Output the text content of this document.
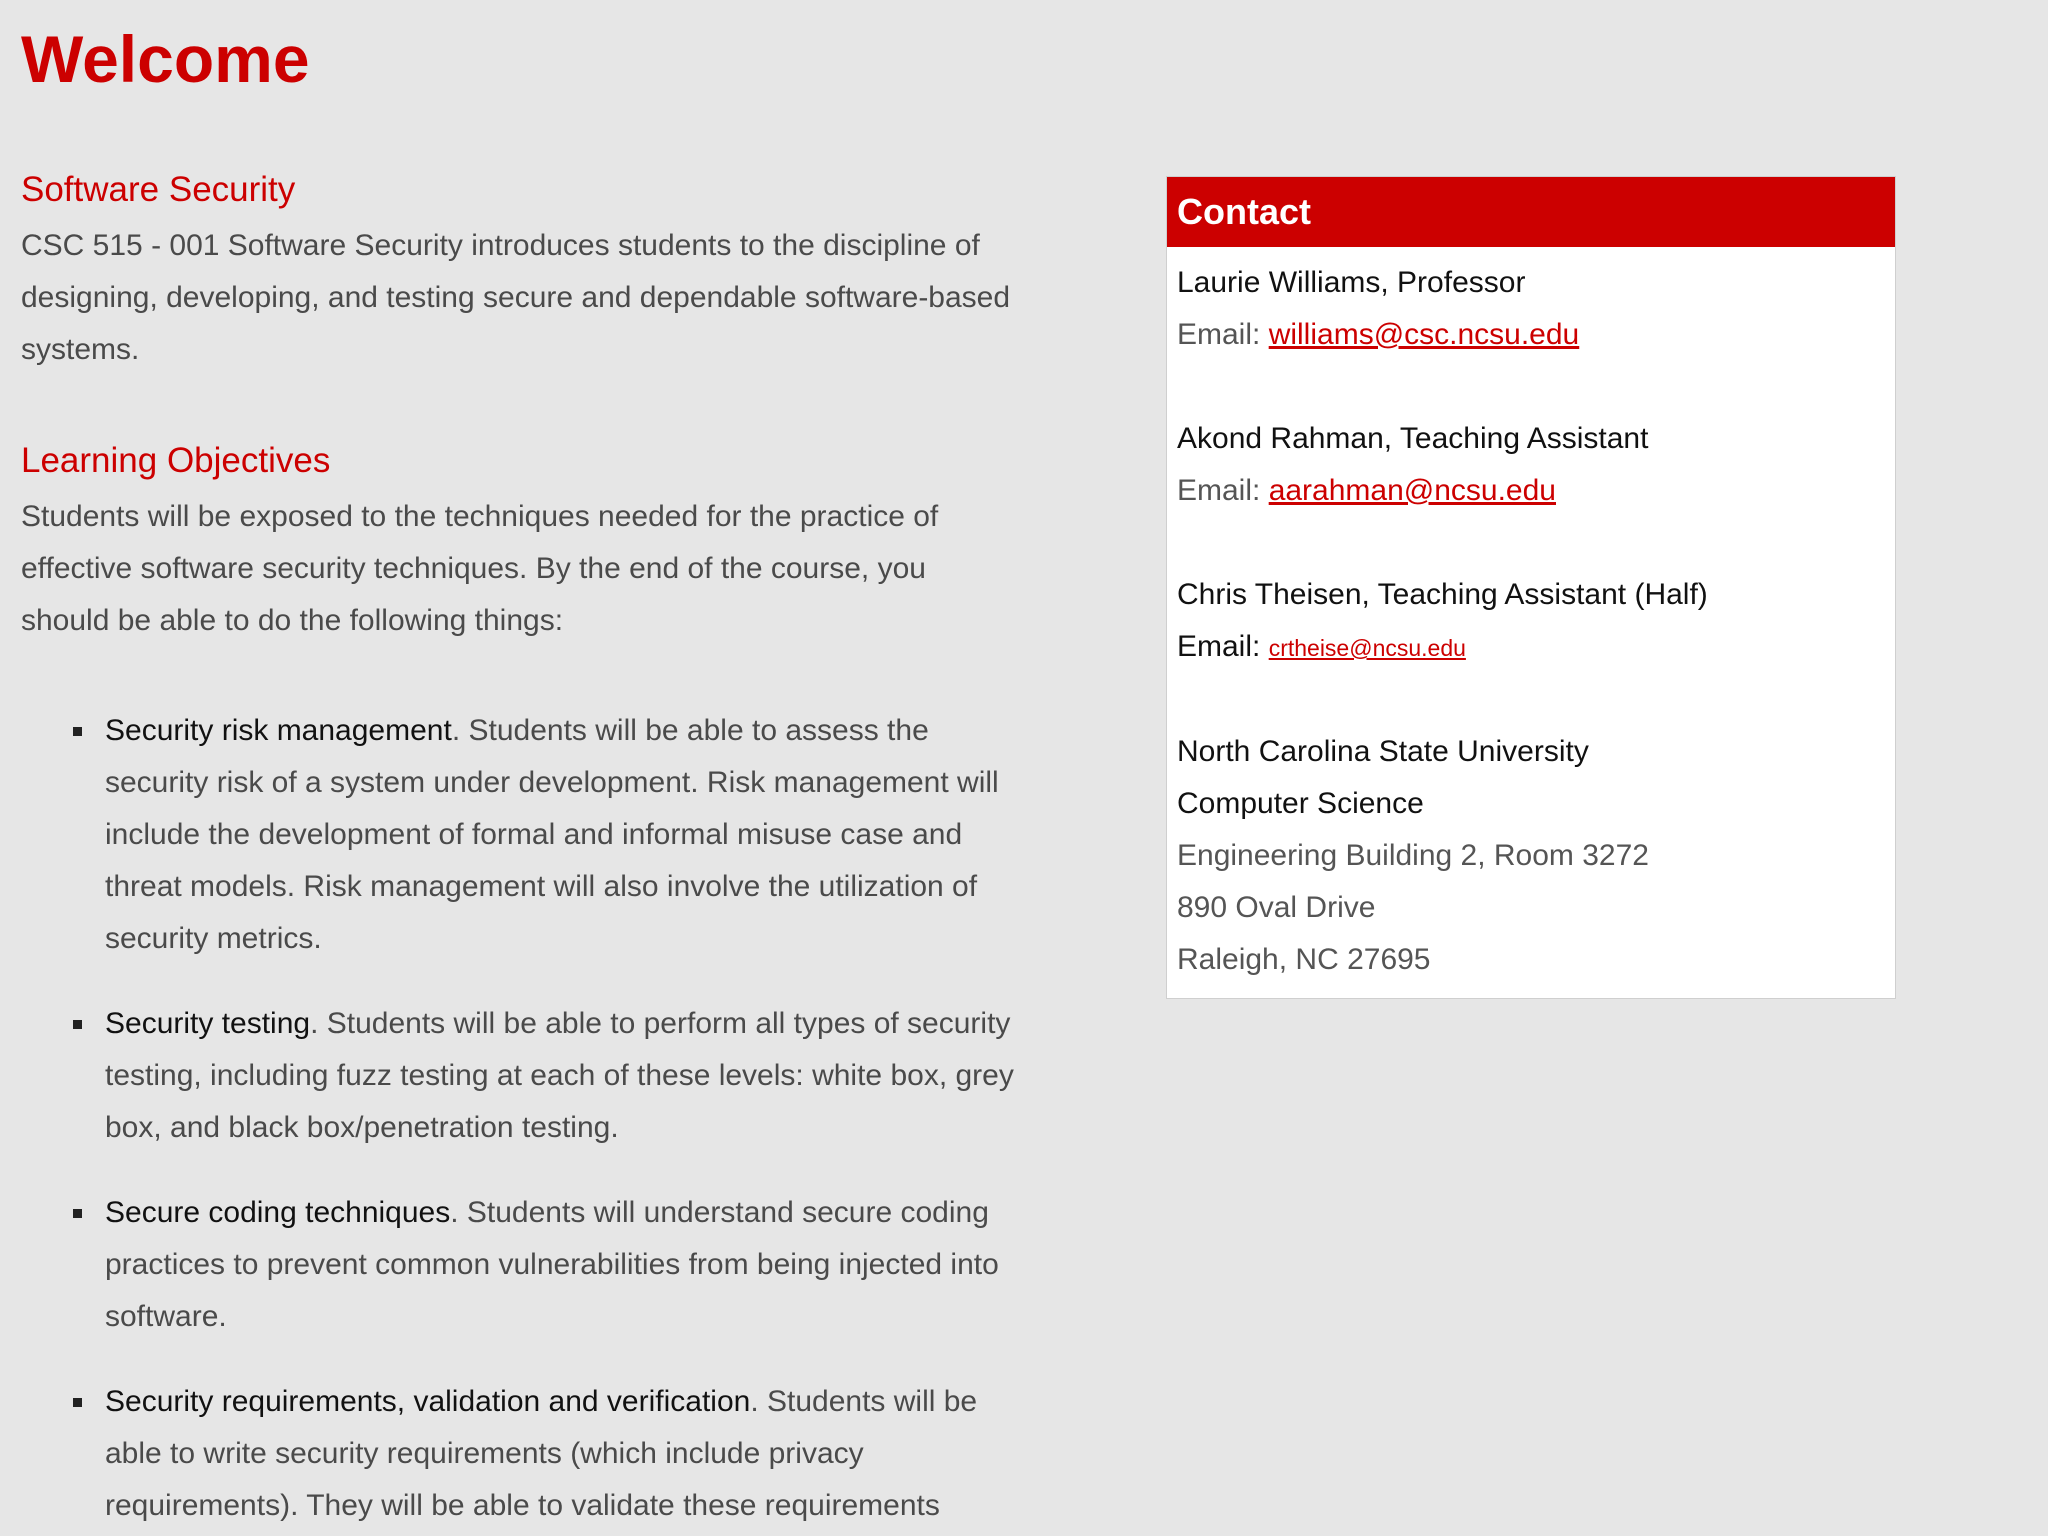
Welcome
Software Security

CSC 515 - 001 Software Security introduces students to the discipline of designing, developing, and testing secure and dependable software-based systems.

Learning Objectives

Students will be exposed to the techniques needed for the practice of effective software security techniques. By the end of the course, you should be able to do the following things:

Security risk management. Students will be able to assess the security risk of a system under development. Risk management will include the development of formal and informal misuse case and threat models. Risk management will also involve the utilization of security metrics.
Security testing. Students will be able to perform all types of security testing, including fuzz testing at each of these levels: white box, grey box, and black box/penetration testing.
Secure coding techniques. Students will understand secure coding practices to prevent common vulnerabilities from being injected into software.
Security requirements, validation and verification. Students will be able to write security requirements (which include privacy requirements). They will be able to validate these requirements
Contact
Laurie Williams, Professor
Email: williams@csc.ncsu.edu
Akond Rahman, Teaching Assistant
Email: aarahman@ncsu.edu
Chris Theisen, Teaching Assistant (Half)
Email: crtheise@ncsu.edu
North Carolina State University
Computer Science
Engineering Building 2, Room 3272
890 Oval Drive
Raleigh, NC 27695
